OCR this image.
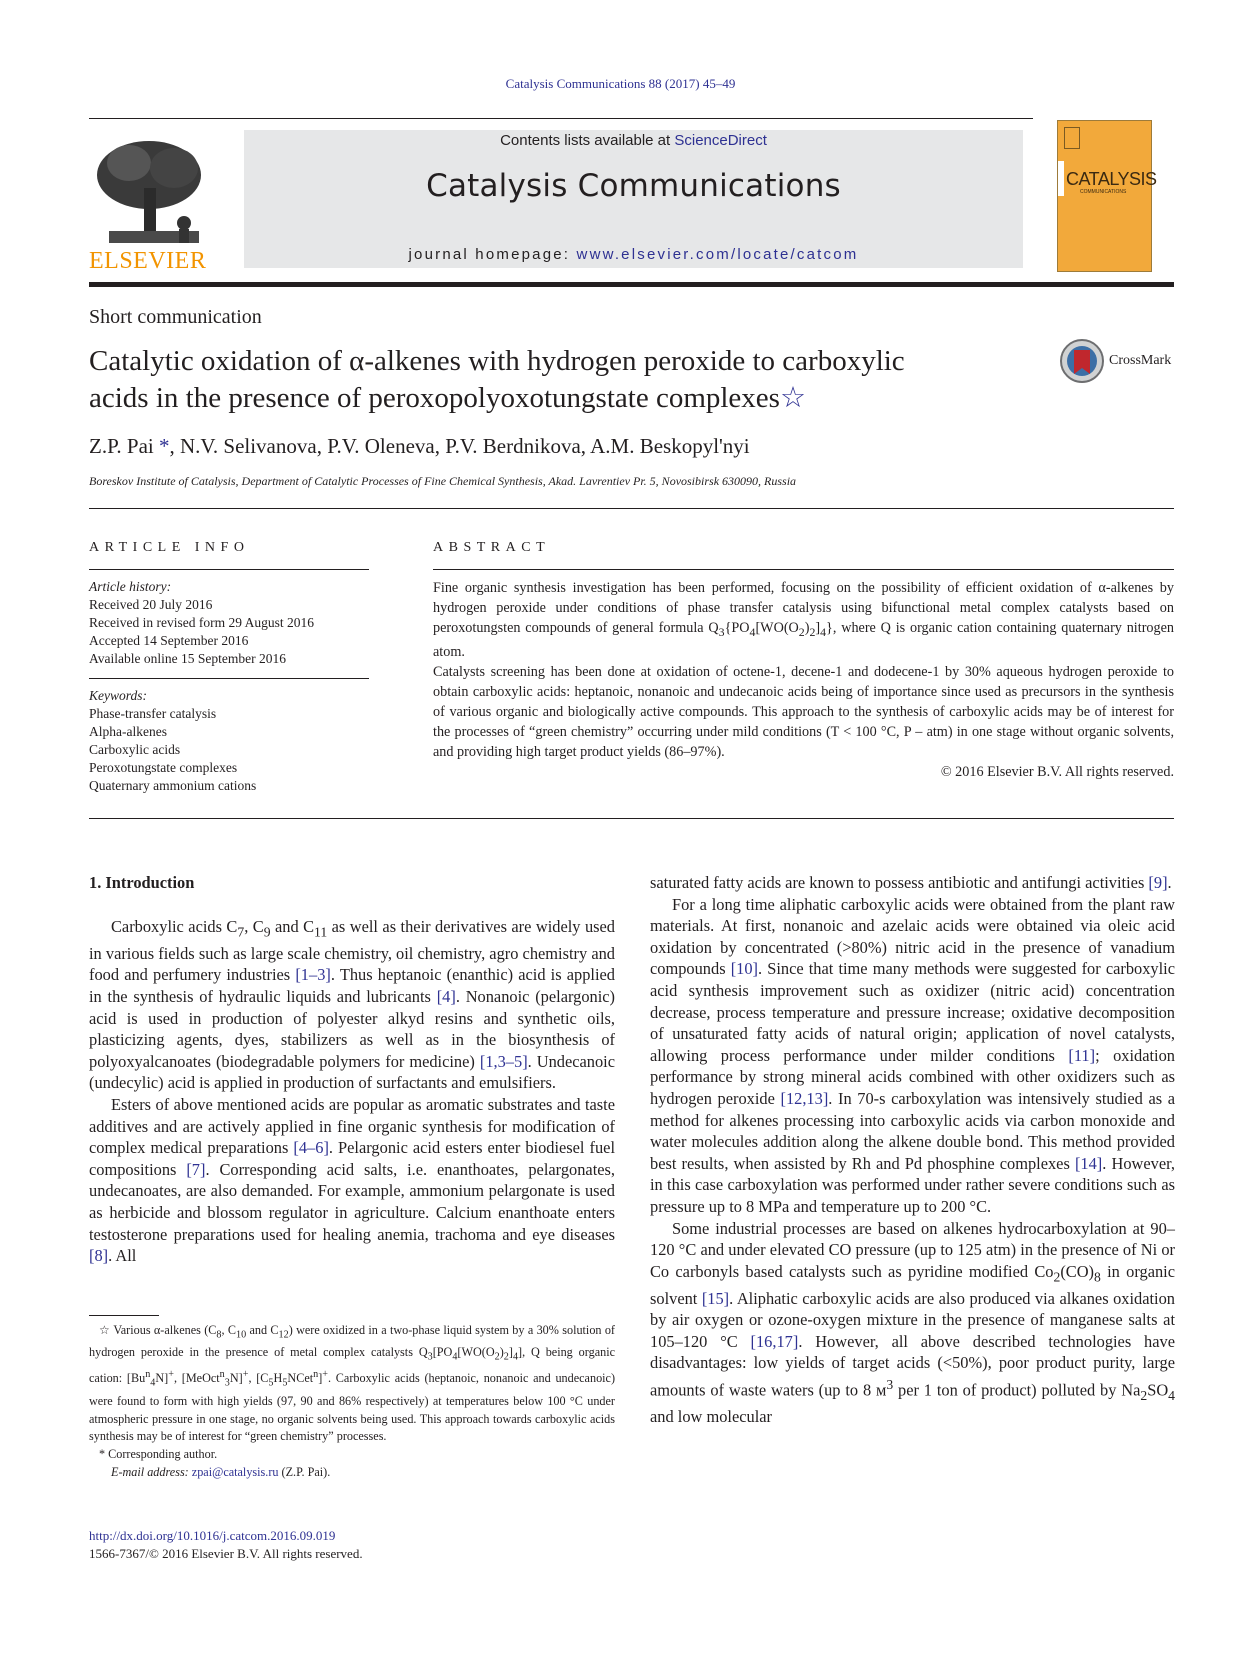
Catalysis Communications 88 (2017) 45–49
ELSEVIER
Contents lists available at ScienceDirect
Catalysis Communications
journal homepage: www.elsevier.com/locate/catcom
CATALYSIS
COMMUNICATIONS
Short communication
Catalytic oxidation of α-alkenes with hydrogen peroxide to carboxylic
acids in the presence of peroxopolyoxotungstate complexes☆
CrossMark
Z.P. Pai *, N.V. Selivanova, P.V. Oleneva, P.V. Berdnikova, A.M. Beskopyl'nyi
Boreskov Institute of Catalysis, Department of Catalytic Processes of Fine Chemical Synthesis, Akad. Lavrentiev Pr. 5, Novosibirsk 630090, Russia
ARTICLE INFO
Article history:
Received 20 July 2016
Received in revised form 29 August 2016
Accepted 14 September 2016
Available online 15 September 2016
Keywords:
Phase-transfer catalysis
Alpha-alkenes
Carboxylic acids
Peroxotungstate complexes
Quaternary ammonium cations
ABSTRACT

Fine organic synthesis investigation has been performed, focusing on the possibility of efficient oxidation of α-alkenes by hydrogen peroxide under conditions of phase transfer catalysis using bifunctional metal complex catalysts based on peroxotungsten compounds of general formula $Q_3\{PO_4[WO(O_2)_2]_4\}$, where Q is organic cation containing quaternary nitrogen atom.

Catalysts screening has been done at oxidation of octene-1, decene-1 and dodecene-1 by 30% aqueous hydrogen peroxide to obtain carboxylic acids: heptanoic, nonanoic and undecanoic acids being of importance since used as precursors in the synthesis of various organic and biologically active compounds. This approach to the synthesis of carboxylic acids may be of interest for the processes of “green chemistry” occurring under mild conditions (T < 100 °C, P – atm) in one stage without organic solvents, and providing high target product yields (86–97%).

© 2016 Elsevier B.V. All rights reserved.

1. Introduction

Carboxylic acids $C_7$, $C_9$ and $C_{11}$ as well as their derivatives are widely used in various fields such as large scale chemistry, oil chemistry, agro chemistry and food and perfumery industries [1–3]. Thus heptanoic (enanthic) acid is applied in the synthesis of hydraulic liquids and lubricants [4]. Nonanoic (pelargonic) acid is used in production of polyester alkyd resins and synthetic oils, plasticizing agents, dyes, stabilizers as well as in the biosynthesis of polyoxyalcanoates (biodegradable polymers for medicine) [1,3–5]. Undecanoic (undecylic) acid is applied in production of surfactants and emulsifiers.

Esters of above mentioned acids are popular as aromatic substrates and taste additives and are actively applied in fine organic synthesis for modification of complex medical preparations [4–6]. Pelargonic acid esters enter biodiesel fuel compositions [7]. Corresponding acid salts, i.e. enanthoates, pelargonates, undecanoates, are also demanded. For example, ammonium pelargonate is used as herbicide and blossom regulator in agriculture. Calcium enanthoate enters testosterone preparations used for healing anemia, trachoma and eye diseases [8]. All

saturated fatty acids are known to possess antibiotic and antifungi activities [9].

For a long time aliphatic carboxylic acids were obtained from the plant raw materials. At first, nonanoic and azelaic acids were obtained via oleic acid oxidation by concentrated (>80%) nitric acid in the presence of vanadium compounds [10]. Since that time many methods were suggested for carboxylic acid synthesis improvement such as oxidizer (nitric acid) concentration decrease, process temperature and pressure increase; oxidative decomposition of unsaturated fatty acids of natural origin; application of novel catalysts, allowing process performance under milder conditions [11]; oxidation performance by strong mineral acids combined with other oxidizers such as hydrogen peroxide [12,13]. In 70-s carboxylation was intensively studied as a method for alkenes processing into carboxylic acids via carbon monoxide and water molecules addition along the alkene double bond. This method provided best results, when assisted by Rh and Pd phosphine complexes [14]. However, in this case carboxylation was performed under rather severe conditions such as pressure up to 8 MPa and temperature up to 200 °C.

Some industrial processes are based on alkenes hydrocarboxylation at 90–120 °C and under elevated CO pressure (up to 125 atm) in the presence of Ni or Co carbonyls based catalysts such as pyridine modified $Co_2(CO)_8$ in organic solvent [15]. Aliphatic carboxylic acids are also produced via alkanes oxidation by air oxygen or ozone-oxygen mixture in the presence of manganese salts at 105–120 °C [16,17]. However, all above described technologies have disadvantages: low yields of target acids (<50%), poor product purity, large amounts of waste waters (up to 8 $м^3$ per 1 ton of product) polluted by $Na_2SO_4$ and low molecular

☆ Various α-alkenes ($C_8$, $C_{10}$ and $C_{12}$) were oxidized in a two-phase liquid system by a 30% solution of hydrogen peroxide in the presence of metal complex catalysts $Q_3[PO_4[WO(O_2)_2]_4]$, Q being organic cation: $[Bu^n_4N]^+$, [MeOct$^n_3$N]+, $[C_5H_5NCet^n]^+$. Carboxylic acids (heptanoic, nonanoic and undecanoic) were found to form with high yields (97, 90 and 86% respectively) at temperatures below 100 °C under atmospheric pressure in one stage, no organic solvents being used. This approach towards carboxylic acids synthesis may be of interest for “green chemistry” processes.

* Corresponding author.

E-mail address: zpai@catalysis.ru (Z.P. Pai).

http://dx.doi.org/10.1016/j.catcom.2016.09.019
1566-7367/© 2016 Elsevier B.V. All rights reserved.
